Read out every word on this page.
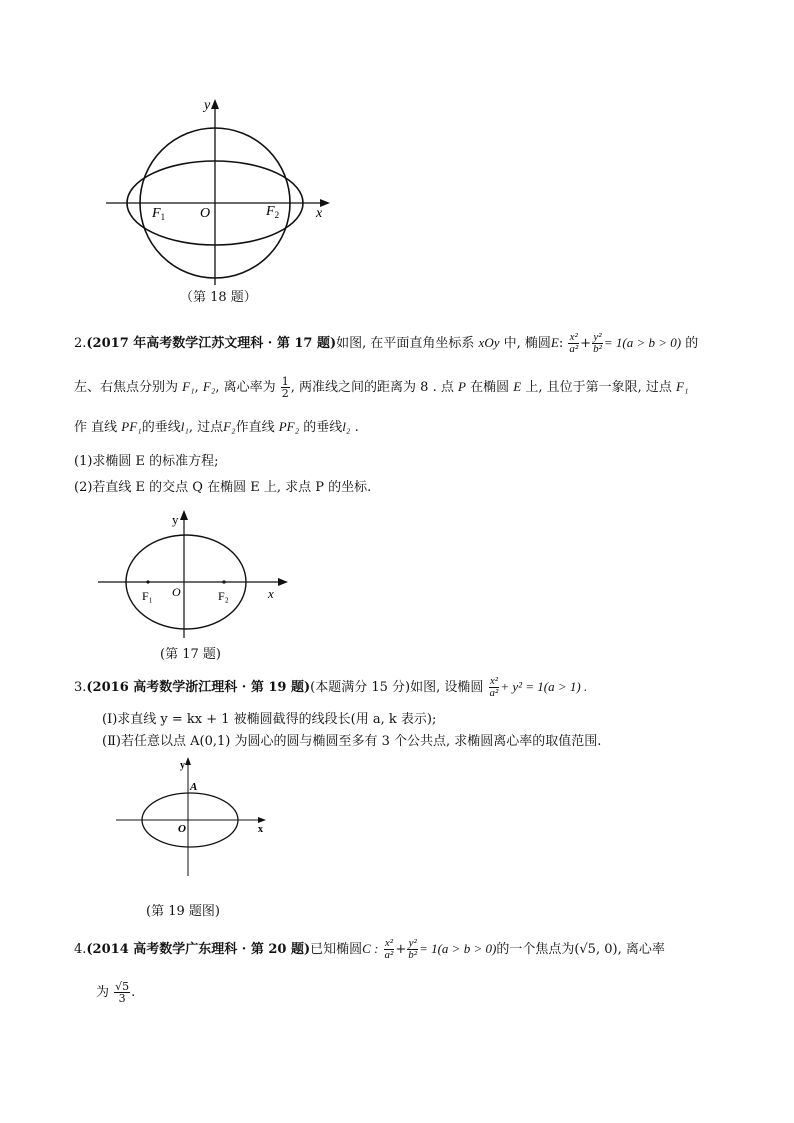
y
x
O
$F_1$	$F_2$
（第 18 题）
2.(2017 年高考数学江苏文理科 · 第 17 题)如图, 在平面直角坐标系 xOy 中, 椭圆E: $\frac{\text{x²}}{\text{a²}} + \frac{\text{y²}}{\text{b²}} = 1(a > b > 0)$ 的
左、右焦点分别为 F₁, F₂, 离心率为 $\frac{1}{2}$ , 两准线之间的距离为 8 . 点 P 在椭圆 E 上, 且位于第一象限, 过点 F₁
作 直线 PF₁的垂线l₁, 过点F₂作直线 PF₂ 的垂线l₂ .
(1)求椭圆 E 的标准方程;
(2)若直线 E 的交点 Q 在椭圆 E 上, 求点 P 的坐标.
y
x
O
F₁	F₂
(第 17 题)
3.(2016 高考数学浙江理科 · 第 19 题)(本题满分 15 分)如图, 设椭圆 $\frac{\text{x²}}{\text{a²}} + y^2 = 1(a > 1)$ .
(Ⅰ)求直线 y = kx + 1 被椭圆截得的线段长(用 a, k 表示);
(Ⅱ)若任意以点 A(0,1) 为圆心的圆与椭圆至多有 3 个公共点, 求椭圆离心率的取值范围.
y
x
A
O
(第 19 题图)
4.(2014 高考数学广东理科 · 第 20 题)已知椭圆C : $\frac{\text{x²}}{\text{a²}} + \frac{\text{y²}}{\text{b²}} = 1(a > b > 0)$的一个焦点为(√5, 0), 离心率
为 $\frac{√5}{3}$ .
